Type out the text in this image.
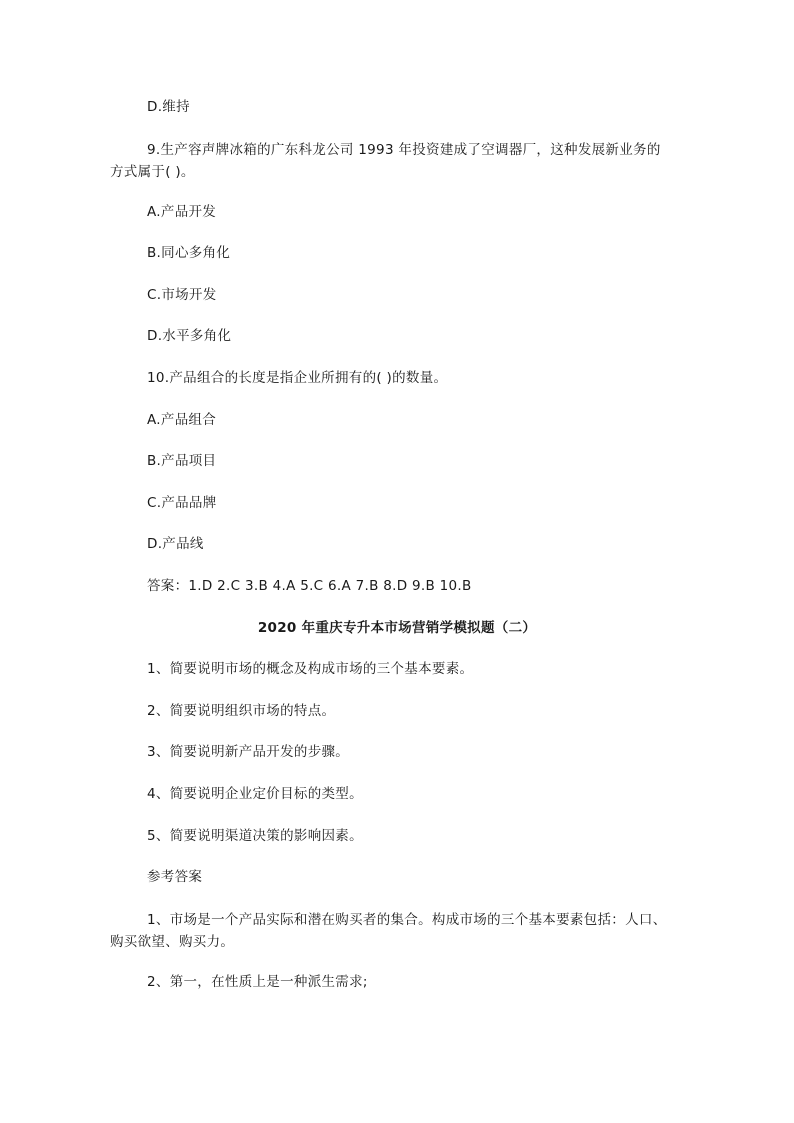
D.维持
9.生产容声牌冰箱的广东科龙公司 1993 年投资建成了空调器厂，这种发展新业务的方式属于( )。
A.产品开发
B.同心多角化
C.市场开发
D.水平多角化
10.产品组合的长度是指企业所拥有的( )的数量。
A.产品组合
B.产品项目
C.产品品牌
D.产品线
答案：1.D 2.C 3.B 4.A 5.C 6.A 7.B 8.D 9.B 10.B
2020 年重庆专升本市场营销学模拟题（二）
1、简要说明市场的概念及构成市场的三个基本要素。
2、简要说明组织市场的特点。
3、简要说明新产品开发的步骤。
4、简要说明企业定价目标的类型。
5、简要说明渠道决策的影响因素。
参考答案
1、市场是一个产品实际和潜在购买者的集合。构成市场的三个基本要素包括：人口、购买欲望、购买力。
2、第一，在性质上是一种派生需求;
